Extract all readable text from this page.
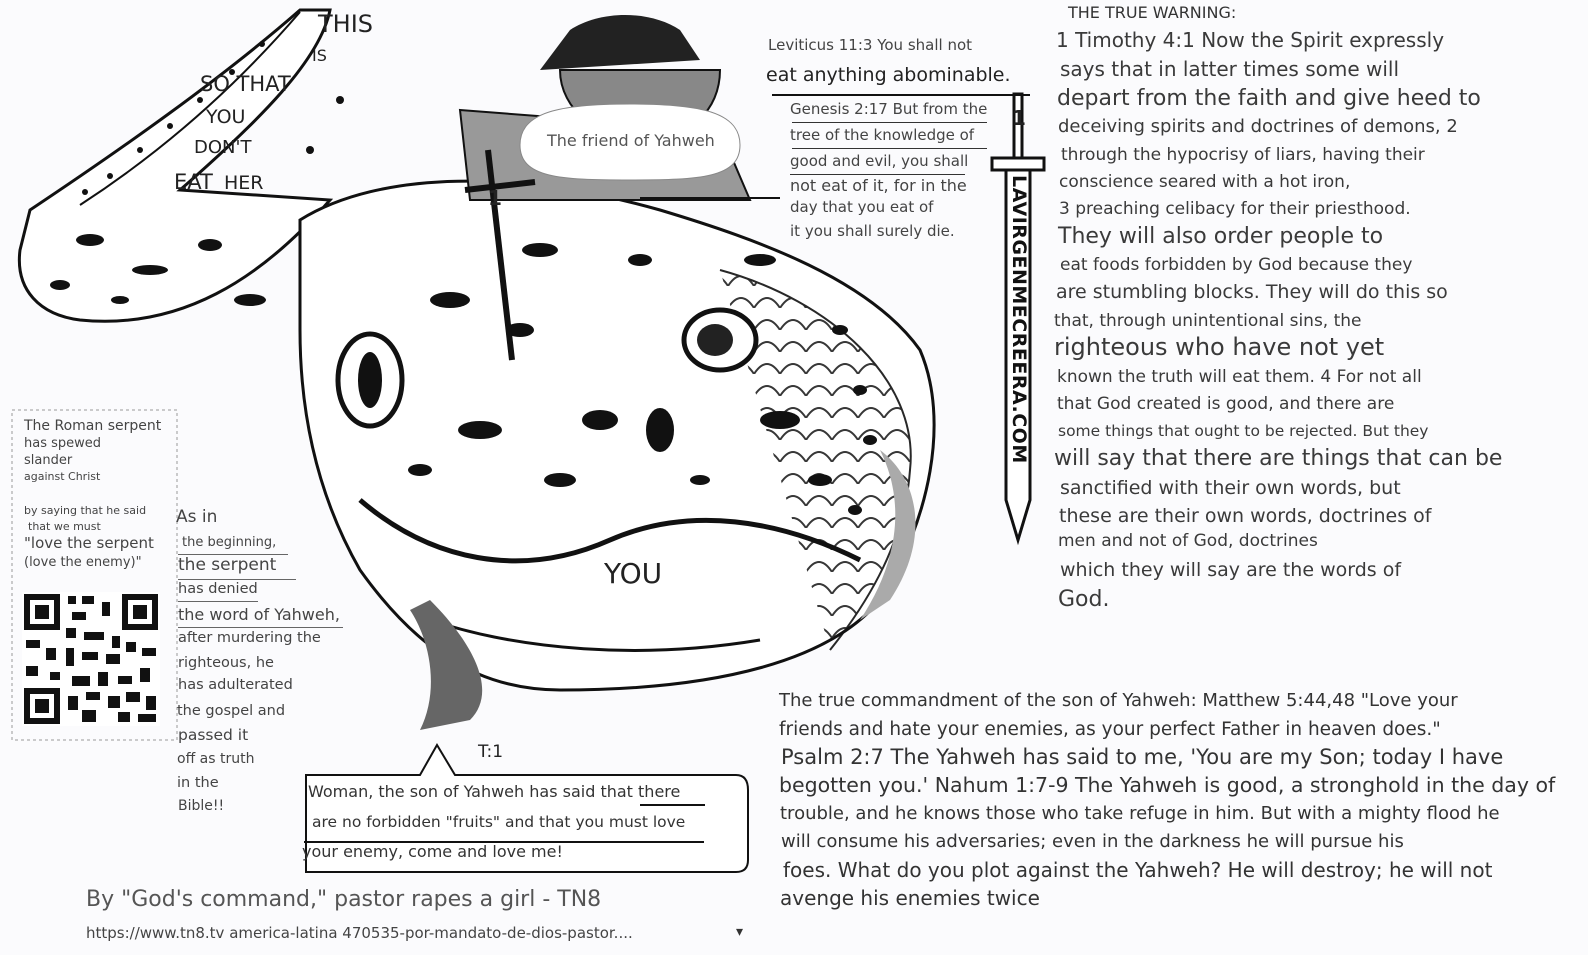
THIS
IS
SO THAT
YOU
DON'T
EAT HER
1
1
The friend of Yahweh
YOU
T:1
Leviticus 11:3 You shall not
eat anything abominable.
Genesis 2:17 But from the
tree of the knowledge of
good and evil, you shall
not eat of it, for in the
day that you eat of
it you shall surely die.	LAVIRGENMECREERA.COM
THE TRUE WARNING:
1 Timothy 4:1 Now the Spirit expressly
says that in latter times some will
depart from the faith and give heed to
deceiving spirits and doctrines of demons, 2
through the hypocrisy of liars, having their
conscience seared with a hot iron,
3 preaching celibacy for their priesthood.
They will also order people to
eat foods forbidden by God because they
are stumbling blocks. They will do this so
that, through unintentional sins, the
righteous who have not yet
known the truth will eat them. 4 For not all
that God created is good, and there are
some things that ought to be rejected. But they
will say that there are things that can be
sanctified with their own words, but
these are their own words, doctrines of
men and not of God, doctrines
which they will say are the words of
God.
The Roman serpent
has spewed
slander
against Christ
by saying that he said
that we must
"love the serpent
(love the enemy)"
As in
the beginning,
the serpent
has denied
the word of Yahweh,
after murdering the
righteous, he
has adulterated
the gospel and
passed it
off as truth
in the
Bible!!
Woman, the son of Yahweh has said that there
are no forbidden "fruits" and that you must love
your enemy, come and love me!
The true commandment of the son of Yahweh: Matthew 5:44,48 "Love your
friends and hate your enemies, as your perfect Father in heaven does."
Psalm 2:7 The Yahweh has said to me, 'You are my Son; today I have
begotten you.' Nahum 1:7-9 The Yahweh is good, a stronghold in the day of
trouble, and he knows those who take refuge in him. But with a mighty flood he
will consume his adversaries; even in the darkness he will pursue his
foes. What do you plot against the Yahweh? He will destroy; he will not
avenge his enemies twice
By "God's command," pastor rapes a girl - TN8
https://www.tn8.tv america-latina 470535-por-mandato-de-dios-pastor....	▾
